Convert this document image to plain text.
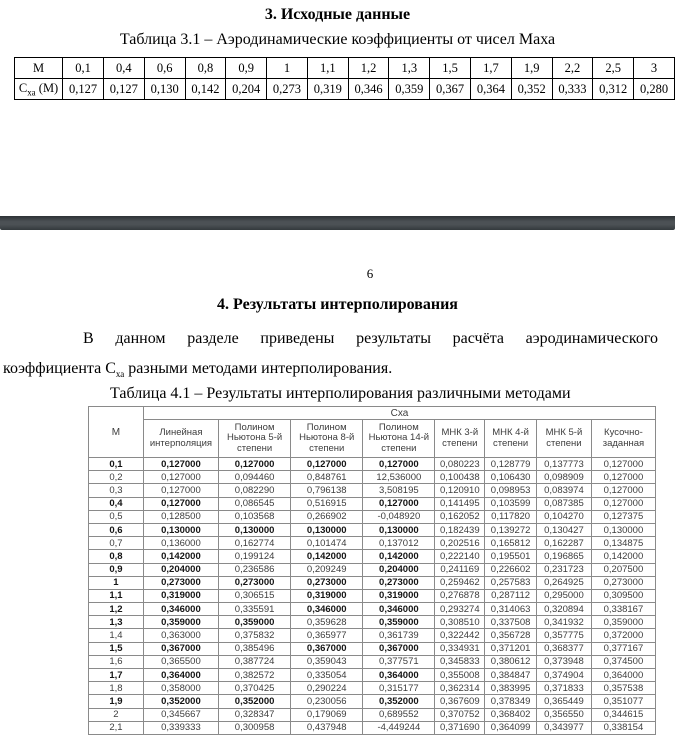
3. Исходные данные
Таблица 3.1 – Аэродинамические коэффициенты от чисел Маха
М	0,1	0,4	0,6	0,8	0,9	1	1,1	1,2	1,3	1,5	1,7	1,9	2,2	2,5	3
$С_{ха}$ (М)	0,127	0,127	0,130	0,142	0,204	0,273	0,319	0,346	0,359	0,367	0,364	0,352	0,333	0,312	0,280
6
4. Результаты интерполирования
В данном разделе приведены результаты расчёта аэродинамического
коэффициента $С_{ха}$ разными методами интерполирования.
Таблица 4.1 – Результаты интерполирования различными методами
М	Сха							
	Линейная интерполяция	Полином Ньютона 5-й степени	Полином Ньютона 8-й степени	Полином Ньютона 14-й степени	МНК 3-й степени	МНК 4-й степени	МНК 5-й степени	Кусочно-заданная
0,1	0,127000	0,127000	0,127000	0,127000	0,080223	0,128779	0,137773	0,127000
0,2	0,127000	0,094460	0,848761	12,536000	0,100438	0,106430	0,098909	0,127000
0,3	0,127000	0,082290	0,796138	3,508195	0,120910	0,098953	0,083974	0,127000
0,4	0,127000	0,086545	0,516915	0,127000	0,141495	0,103599	0,087385	0,127000
0,5	0,128500	0,103568	0,266902	-0,048920	0,162052	0,117820	0,104270	0,127375
0,6	0,130000	0,130000	0,130000	0,130000	0,182439	0,139272	0,130427	0,130000
0,7	0,136000	0,162774	0,101474	0,137012	0,202516	0,165812	0,162287	0,134875
0,8	0,142000	0,199124	0,142000	0,142000	0,222140	0,195501	0,196865	0,142000
0,9	0,204000	0,236586	0,209249	0,204000	0,241169	0,226602	0,231723	0,207500
1	0,273000	0,273000	0,273000	0,273000	0,259462	0,257583	0,264925	0,273000
1,1	0,319000	0,306515	0,319000	0,319000	0,276878	0,287112	0,295000	0,309500
1,2	0,346000	0,335591	0,346000	0,346000	0,293274	0,314063	0,320894	0,338167
1,3	0,359000	0,359000	0,359628	0,359000	0,308510	0,337508	0,341932	0,359000
1,4	0,363000	0,375832	0,365977	0,361739	0,322442	0,356728	0,357775	0,372000
1,5	0,367000	0,385496	0,367000	0,367000	0,334931	0,371201	0,368377	0,377167
1,6	0,365500	0,387724	0,359043	0,377571	0,345833	0,380612	0,373948	0,374500
1,7	0,364000	0,382572	0,335054	0,364000	0,355008	0,384847	0,374904	0,364000
1,8	0,358000	0,370425	0,290224	0,315177	0,362314	0,383995	0,371833	0,357538
1,9	0,352000	0,352000	0,230056	0,352000	0,367609	0,378349	0,365449	0,351077
2	0,345667	0,328347	0,179069	0,689552	0,370752	0,368402	0,356550	0,344615
2,1	0,339333	0,300958	0,437948	-4,449244	0,371690	0,364099	0,343977	0,338154
